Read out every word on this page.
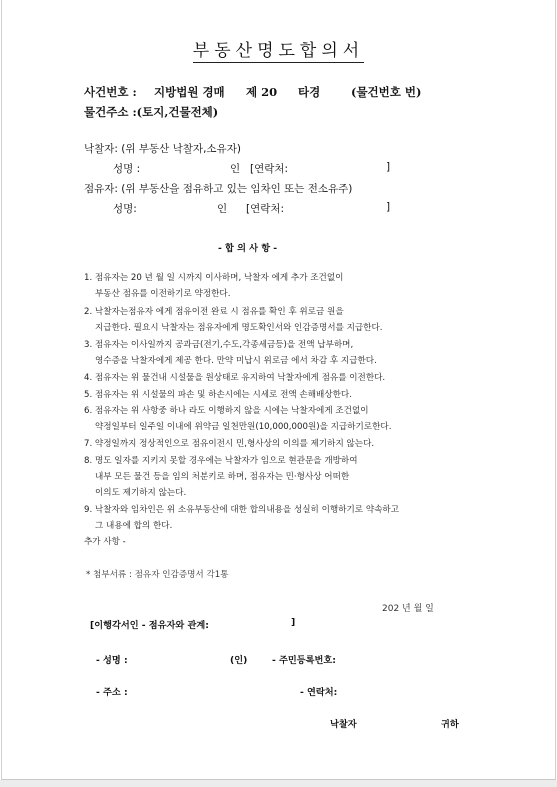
부동산명도합의서
사건번호 : 지방법원 경매 제 20 타경	(물건번호 번)
물건주소 :(토지,건물전체)
낙찰자: (위 부동산 낙찰자,소유자)
성명 :	인 [연락처:	]
점유자: (위 부동산을 점유하고 있는 임차인 또는 전소유주)
성명:	인 [연락처:	]
- 합 의 사 항 -
1. 점유자는 20 년 월 일 시까지 이사하며, 낙찰자 에게 추가 조건없이
부동산 점유를 이전하기로 약정한다.
2. 낙찰자는점유자 에게 점유이전 완료 시 점유를 확인 후 위로금 원을
지급한다. 필요시 낙찰자는 점유자에게 명도확인서와 인감증명서를 지급한다.
3. 점유자는 이사일까지 공과금(전기,수도,각종세금등)을 전액 납부하며,
영수증을 낙찰자에게 제공 한다. 만약 미납시 위로금 에서 차감 후 지급한다.
4. 점유자는 위 물건내 시설물을 원상태로 유지하여 낙찰자에게 점유를 이전한다.
5. 점유자는 위 시설물의 파손 및 하손시에는 시세로 전액 손해배상한다.
6. 점유자는 위 사항중 하나 라도 이행하지 않을 시에는 낙찰자에게 조건없이
약정일부터 일주일 이내에 위약금 일천만원(10,000,000원)을 지급하기로한다.
7. 약정일까지 정상적인으로 점유이전시 민,형사상의 이의를 제기하지 않는다.
8. 명도 일자를 지키지 못할 경우에는 낙찰자가 임으로 현관문을 개방하여
내부 모든 물건 등을 임의 처분키로 하며, 점유자는 민·형사상 어떠한
이의도 제기하지 않는다.
9. 낙찰자와 임차인은 위 소유부동산에 대한 합의내용을 성실히 이행하기로 약속하고
그 내용에 합의 한다.
추가 사항 -
* 첨부서류 : 점유자 인감증명서 각1통
202 년 월 일
[이행각서인 - 점유자와 관계:	]
- 성명 :	(인)	- 주민등록번호:
- 주소 :	- 연락처:
낙찰자	귀하
